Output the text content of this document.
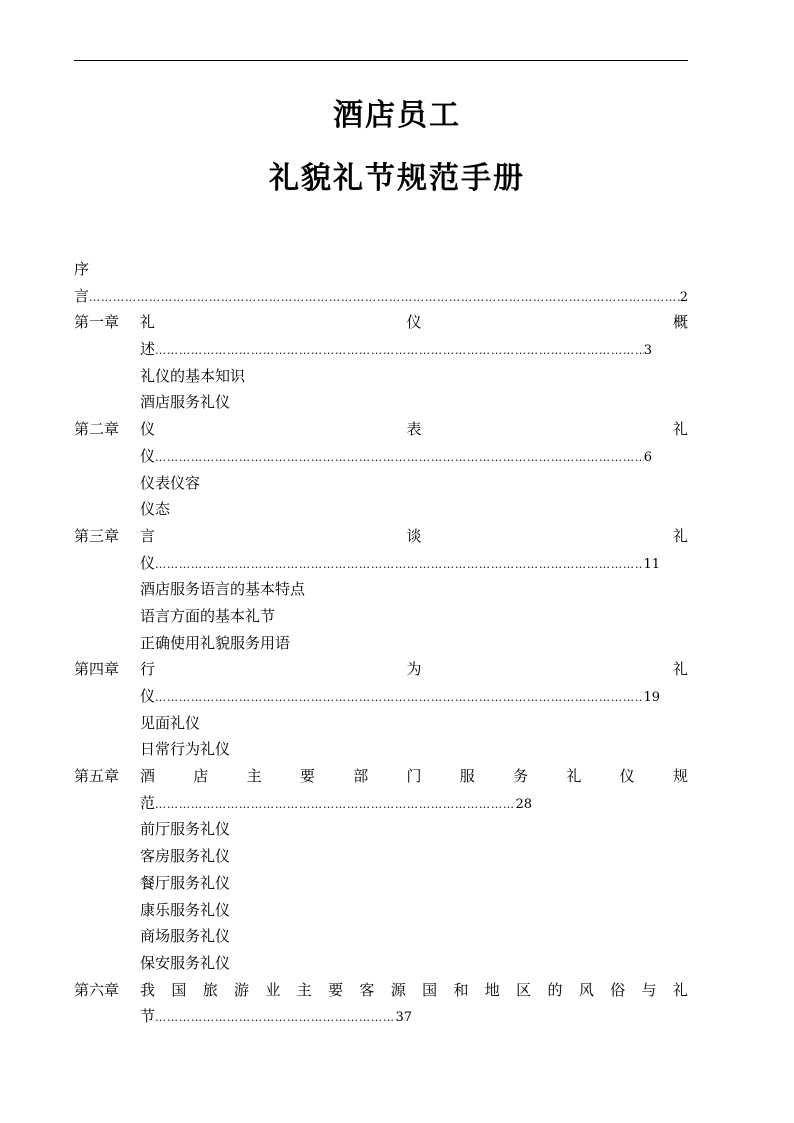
酒店员工
礼貌礼节规范手册
序
言 ………………………………………………………………………………………………………………………………………………………………………………	2
第一章 礼	仪	概
述 ………………………………………………………………………………………………………………………………………………………………………………	3
礼仪的基本知识
酒店服务礼仪
第二章 仪	表	礼
仪 ………………………………………………………………………………………………………………………………………………………………………………	6
仪表仪容
仪态
第三章 言	谈	礼
仪 ………………………………………………………………………………………………………………………………………………………………………………	11
酒店服务语言的基本特点
语言方面的基本礼节
正确使用礼貌服务用语
第四章 行	为	礼
仪 ………………………………………………………………………………………………………………………………………………………………………………	19
见面礼仪
日常行为礼仪
第五章 酒	店	主	要	部	门	服	务	礼	仪	规
范 ………………………………………………………………………………………………………………………………………………………………………………	28
前厅服务礼仪
客房服务礼仪
餐厅服务礼仪
康乐服务礼仪
商场服务礼仪
保安服务礼仪
第六章 我 国 旅 游 业 主 要 客 源 国 和 地 区 的 风 俗 与 礼
节 ………………………………………………………………………………………………………………………………………………………………………………	37
